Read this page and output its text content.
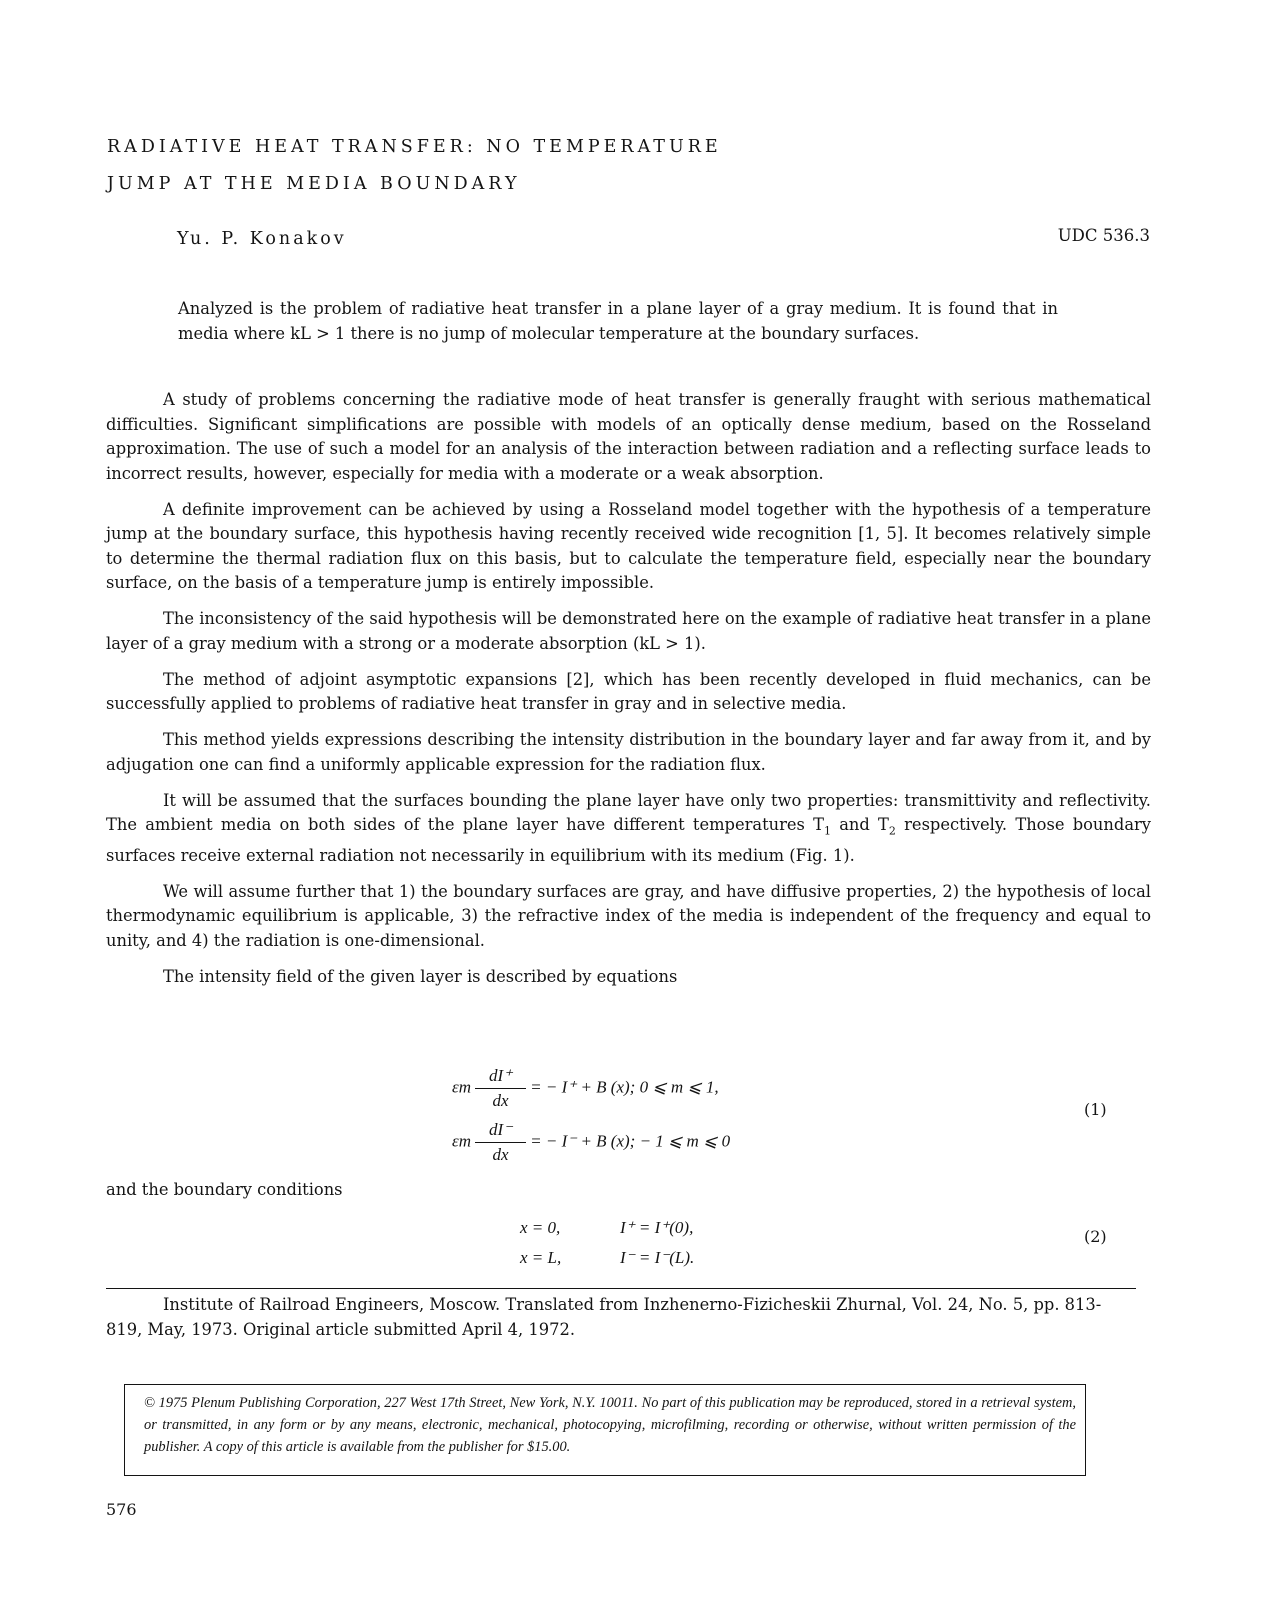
RADIATIVE HEAT TRANSFER: NO TEMPERATURE
JUMP AT THE MEDIA BOUNDARY
Yu. P. Konakov	UDC 536.3
Analyzed is the problem of radiative heat transfer in a plane layer of a gray medium. It is found that in media where kL > 1 there is no jump of molecular temperature at the boundary surfaces.

A study of problems concerning the radiative mode of heat transfer is generally fraught with serious mathematical difficulties. Significant simplifications are possible with models of an optically dense medium, based on the Rosseland approximation. The use of such a model for an analysis of the interaction between radiation and a reflecting surface leads to incorrect results, however, especially for media with a moderate or a weak absorption.

A definite improvement can be achieved by using a Rosseland model together with the hypothesis of a temperature jump at the boundary surface, this hypothesis having recently received wide recognition [1, 5]. It becomes relatively simple to determine the thermal radiation flux on this basis, but to calculate the temperature field, especially near the boundary surface, on the basis of a temperature jump is entirely impossible.

The inconsistency of the said hypothesis will be demonstrated here on the example of radiative heat transfer in a plane layer of a gray medium with a strong or a moderate absorption (kL > 1).

The method of adjoint asymptotic expansions [2], which has been recently developed in fluid mechanics, can be successfully applied to problems of radiative heat transfer in gray and in selective media.

This method yields expressions describing the intensity distribution in the boundary layer and far away from it, and by adjugation one can find a uniformly applicable expression for the radiation flux.

It will be assumed that the surfaces bounding the plane layer have only two properties: transmittivity and reflectivity. The ambient media on both sides of the plane layer have different temperatures $T_1$ and $T_2$ respectively. Those boundary surfaces receive external radiation not necessarily in equilibrium with its medium (Fig. 1).

We will assume further that 1) the boundary surfaces are gray, and have diffusive properties, 2) the hypothesis of local thermodynamic equilibrium is applicable, 3) the refractive index of the media is independent of the frequency and equal to unity, and 4) the radiation is one-dimensional.

The intensity field of the given layer is described by equations

εm $\frac{dI^+}{dx}$ = − I⁺ + B (x); 0 ⩽ m ⩽ 1,
εm $\frac{dI^-}{dx}$ = − I⁻ + B (x); − 1 ⩽ m ⩽ 0
(1)
and the boundary conditions
x = 0,	I⁺ = I⁺(0),
x = L,	I⁻ = I⁻(L).
(2)
Institute of Railroad Engineers, Moscow. Translated from Inzhenerno-Fizicheskii Zhurnal, Vol. 24, No. 5, pp. 813-819, May, 1973. Original article submitted April 4, 1972.
© 1975 Plenum Publishing Corporation, 227 West 17th Street, New York, N.Y. 10011. No part of this publication may be reproduced, stored in a retrieval system, or transmitted, in any form or by any means, electronic, mechanical, photocopying, microfilming, recording or otherwise, without written permission of the publisher. A copy of this article is available from the publisher for $15.00.
576
